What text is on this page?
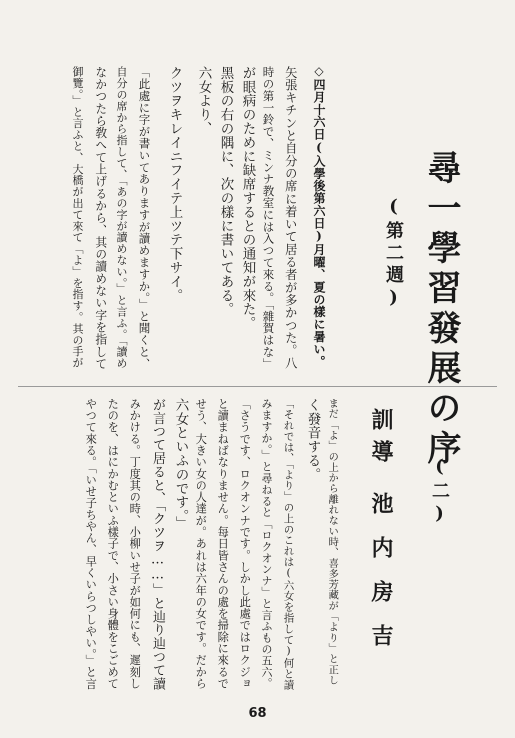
尋一學習發展の序
(二)
(第二週)
訓導
池内房吉
◇四月十六日(入學後第六日)月曜、夏の樣に暑い。
矢張キチンと自分の席に着いて居る者が多かつた。八
時の第一鈴で、ミンナ教室には入つて來る。「雜賀はな」
が眼病のために缺席するとの通知が來た。
黑板の右の隅に、次の樣に書いてある。
六女より、
クツヲキレイニフイテ上ツテ下サイ。
「此處に字が書いてありますが讀めますか。」と聞くと、
自分の席から指して、「あの字が讀めない。」と言ふ。「讀め
なかつたら敎へて上げるから、其の讀めない字を指して
御覽。」と言ふと、大橋が出て來て「よ」を指す。其の手が
まだ「よ」の上から離れない時、喜多芳藏が「より」と正し
く發音する。
「それでは、「より」の上のこれは(六女を指して)何と讀
みますか。」と尋ねると「ロクオンナ」と言ふもの五六。
「さうです、ロクオンナです。しかし此處ではロクジョ
と讀まねばなりません。每日皆さんの處を掃除に來るで
せう、大きい女の人達が。あれは六年の女です。だから
六女といふのです。」
が言つて居ると、「クツヲ……」と辿り辿つて讀
みかける。丁度其の時、小柳いせ子が如何にも、遲刻し
たのを、はにかむといふ樣子で、小さい身體をこごめて
やつて來る。「いせ子ちやん、早くいらつしやい。」と言
68
